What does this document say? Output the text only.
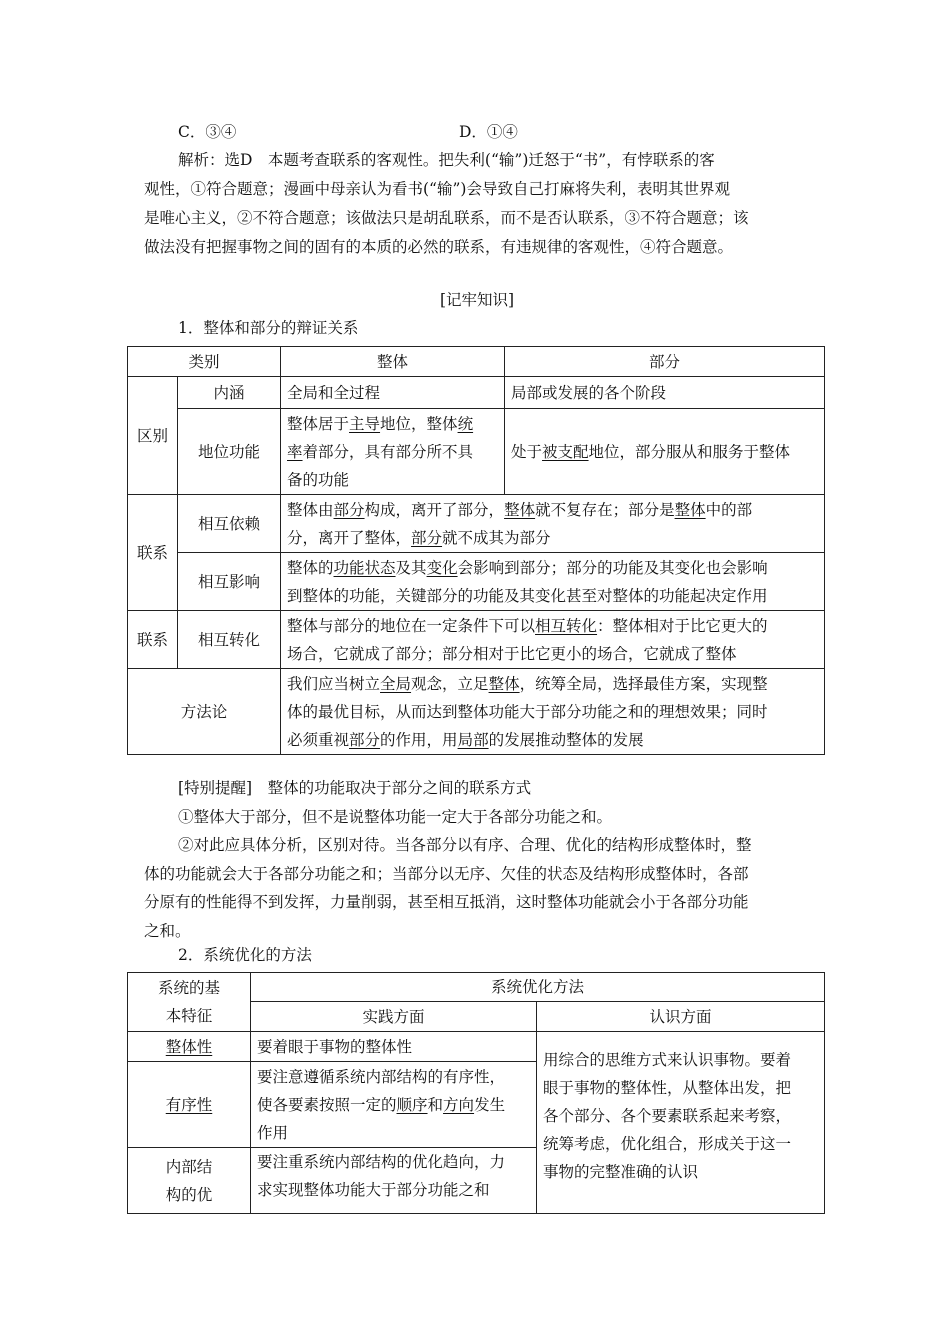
C．③④	D．①④
解析：选D　本题考查联系的客观性。把失利(“输”)迁怒于“书”，有悖联系的客
观性，①符合题意；漫画中母亲认为看书(“输”)会导致自己打麻将失利，表明其世界观
是唯心主义，②不符合题意；该做法只是胡乱联系，而不是否认联系，③不符合题意；该
做法没有把握事物之间的固有的本质的必然的联系，有违规律的客观性，④符合题意。
[记牢知识]
1．整体和部分的辩证关系
类别		整体	部分
区别	内涵	全局和全过程	局部或发展的各个阶段
	地位功能	整体居于主导地位，整体统
率着部分，具有部分所不具
备的功能	处于被支配地位，部分服从和服务于整体
联系	相互依赖	整体由部分构成，离开了部分，整体就不复存在；部分是整体中的部
分，离开了整体，部分就不成其为部分	
	相互影响	整体的功能状态及其变化会影响到部分；部分的功能及其变化也会影响
到整体的功能，关键部分的功能及其变化甚至对整体的功能起决定作用	
联系	相互转化	整体与部分的地位在一定条件下可以相互转化：整体相对于比它更大的
场合，它就成了部分；部分相对于比它更小的场合，它就成了整体	
方法论		我们应当树立全局观念，立足整体，统筹全局，选择最佳方案，实现整
体的最优目标，从而达到整体功能大于部分功能之和的理想效果；同时
必须重视部分的作用，用局部的发展推动整体的发展	
[特别提醒]　整体的功能取决于部分之间的联系方式
①整体大于部分，但不是说整体功能一定大于各部分功能之和。
②对此应具体分析，区别对待。当各部分以有序、合理、优化的结构形成整体时，整
体的功能就会大于各部分功能之和；当部分以无序、欠佳的状态及结构形成整体时，各部
分原有的性能得不到发挥，力量削弱，甚至相互抵消，这时整体功能就会小于各部分功能
之和。
2．系统优化的方法
系统的基
本特征	系统优化方法	
	实践方面	认识方面
整体性	要着眼于事物的整体性	用综合的思维方式来认识事物。要着
眼于事物的整体性，从整体出发，把
各个部分、各个要素联系起来考察，
统筹考虑，优化组合，形成关于这一
事物的完整准确的认识
有序性	要注意遵循系统内部结构的有序性，
使各要素按照一定的顺序和方向发生
作用	
内部结
构的优	要注重系统内部结构的优化趋向，力
求实现整体功能大于部分功能之和	
